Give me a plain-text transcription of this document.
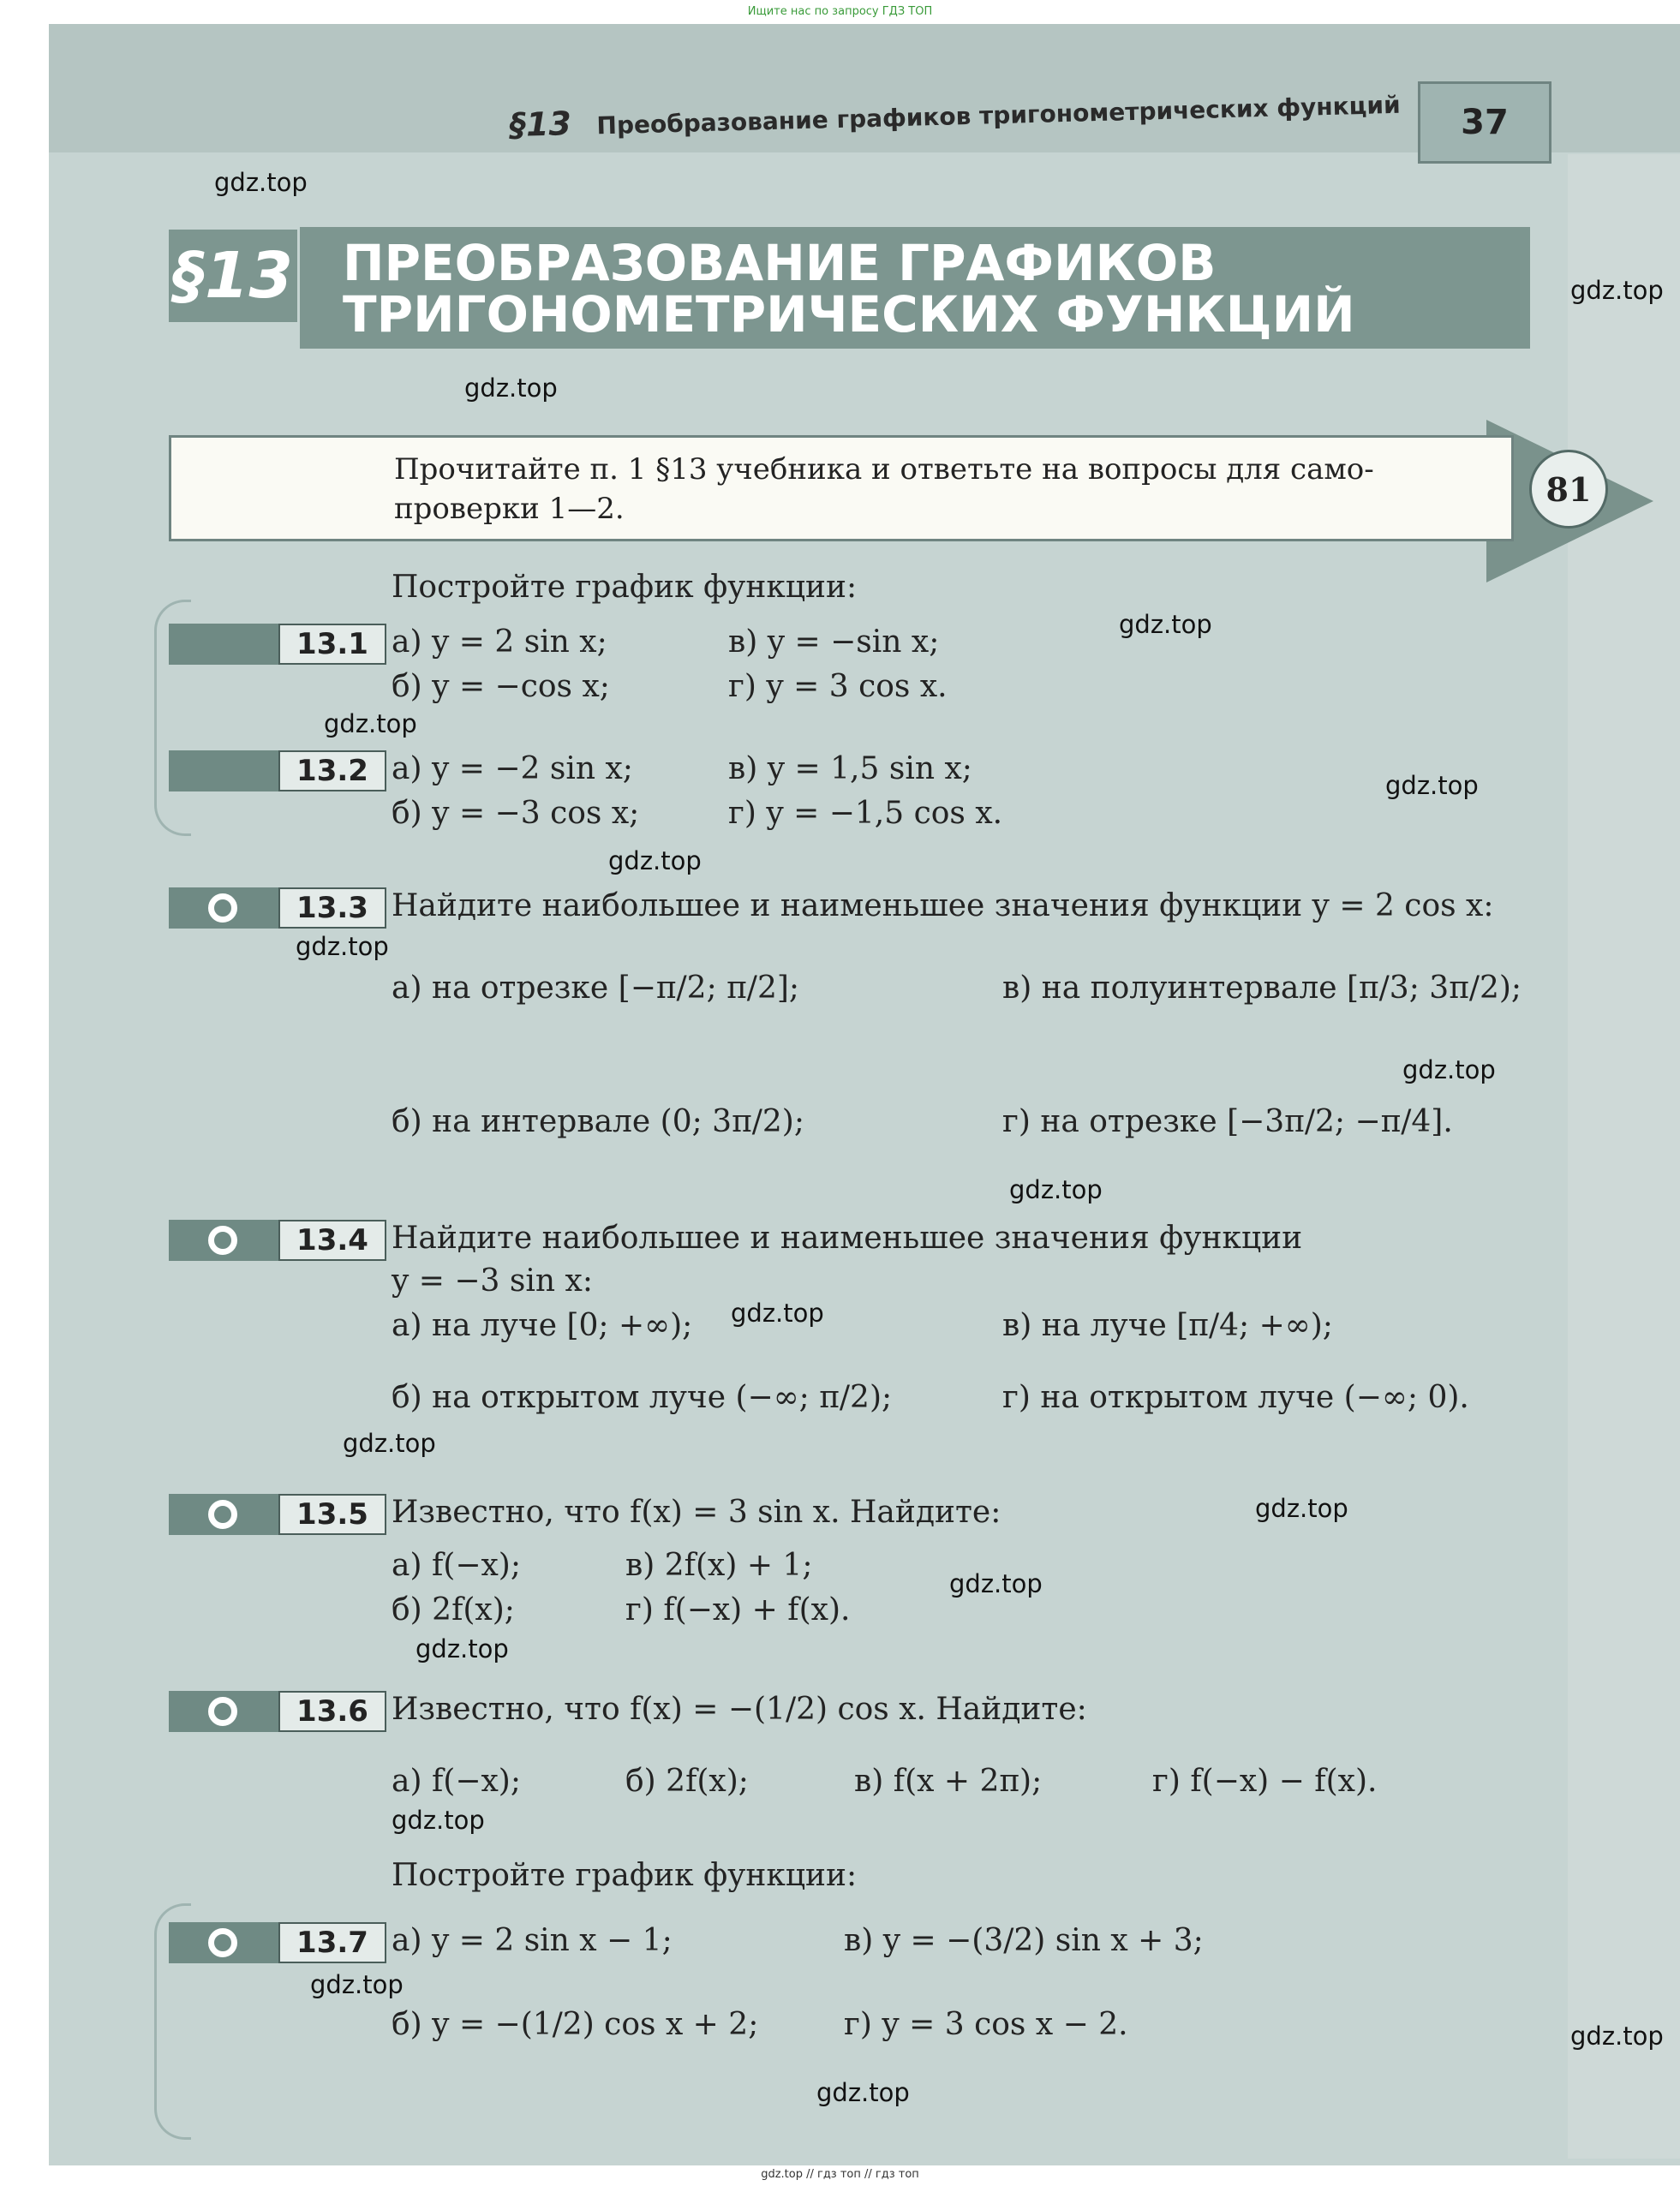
Ищите нас по запросу ГДЗ ТОП
§13 Преобразование графиков тригонометрических функций	37
§13 ПРЕОБРАЗОВАНИЕ ГРАФИКОВ
ТРИГОНОМЕТРИЧЕСКИХ ФУНКЦИЙ
Прочитайте п. 1 §13 учебника и ответьте на вопросы для само-
проверки 1—2.
81
Постройте график функции:
13.1 а) y = 2 sin x;	в) y = −sin x;
б) y = −cos x;	г) y = 3 cos x.
13.2 а) y = −2 sin x;	в) y = 1,5 sin x;
б) y = −3 cos x;	г) y = −1,5 cos x.
13.3 Найдите наибольшее и наименьшее значения функции y = 2 cos x:
а) на отрезке [−π/2; π/2];	в) на полуинтервале [π/3; 3π/2);
б) на интервале (0; 3π/2);	г) на отрезке [−3π/2; −π/4].
13.4 Найдите наибольшее и наименьшее значения функции
y = −3 sin x:
а) на луче [0; +∞);	в) на луче [π/4; +∞);
б) на открытом луче (−∞; π/2);	г) на открытом луче (−∞; 0).
13.5 Известно, что f(x) = 3 sin x. Найдите:
а) f(−x);	в) 2f(x) + 1;
б) 2f(x);	г) f(−x) + f(x).
13.6 Известно, что f(x) = −(1/2) cos x. Найдите:
а) f(−x);	б) 2f(x);	в) f(x + 2π);	г) f(−x) − f(x).
Постройте график функции:
13.7 а) y = 2 sin x − 1;	в) y = −(3/2) sin x + 3;
б) y = −(1/2) cos x + 2;	г) y = 3 cos x − 2.
gdz.top
gdz.top
gdz.top
gdz.top
gdz.top
gdz.top
gdz.top
gdz.top
gdz.top
gdz.top
gdz.top
gdz.top
gdz.top
gdz.top
gdz.top
gdz.top
gdz.top
gdz.top
gdz.top
gdz.top // гдз топ // гдз топ
